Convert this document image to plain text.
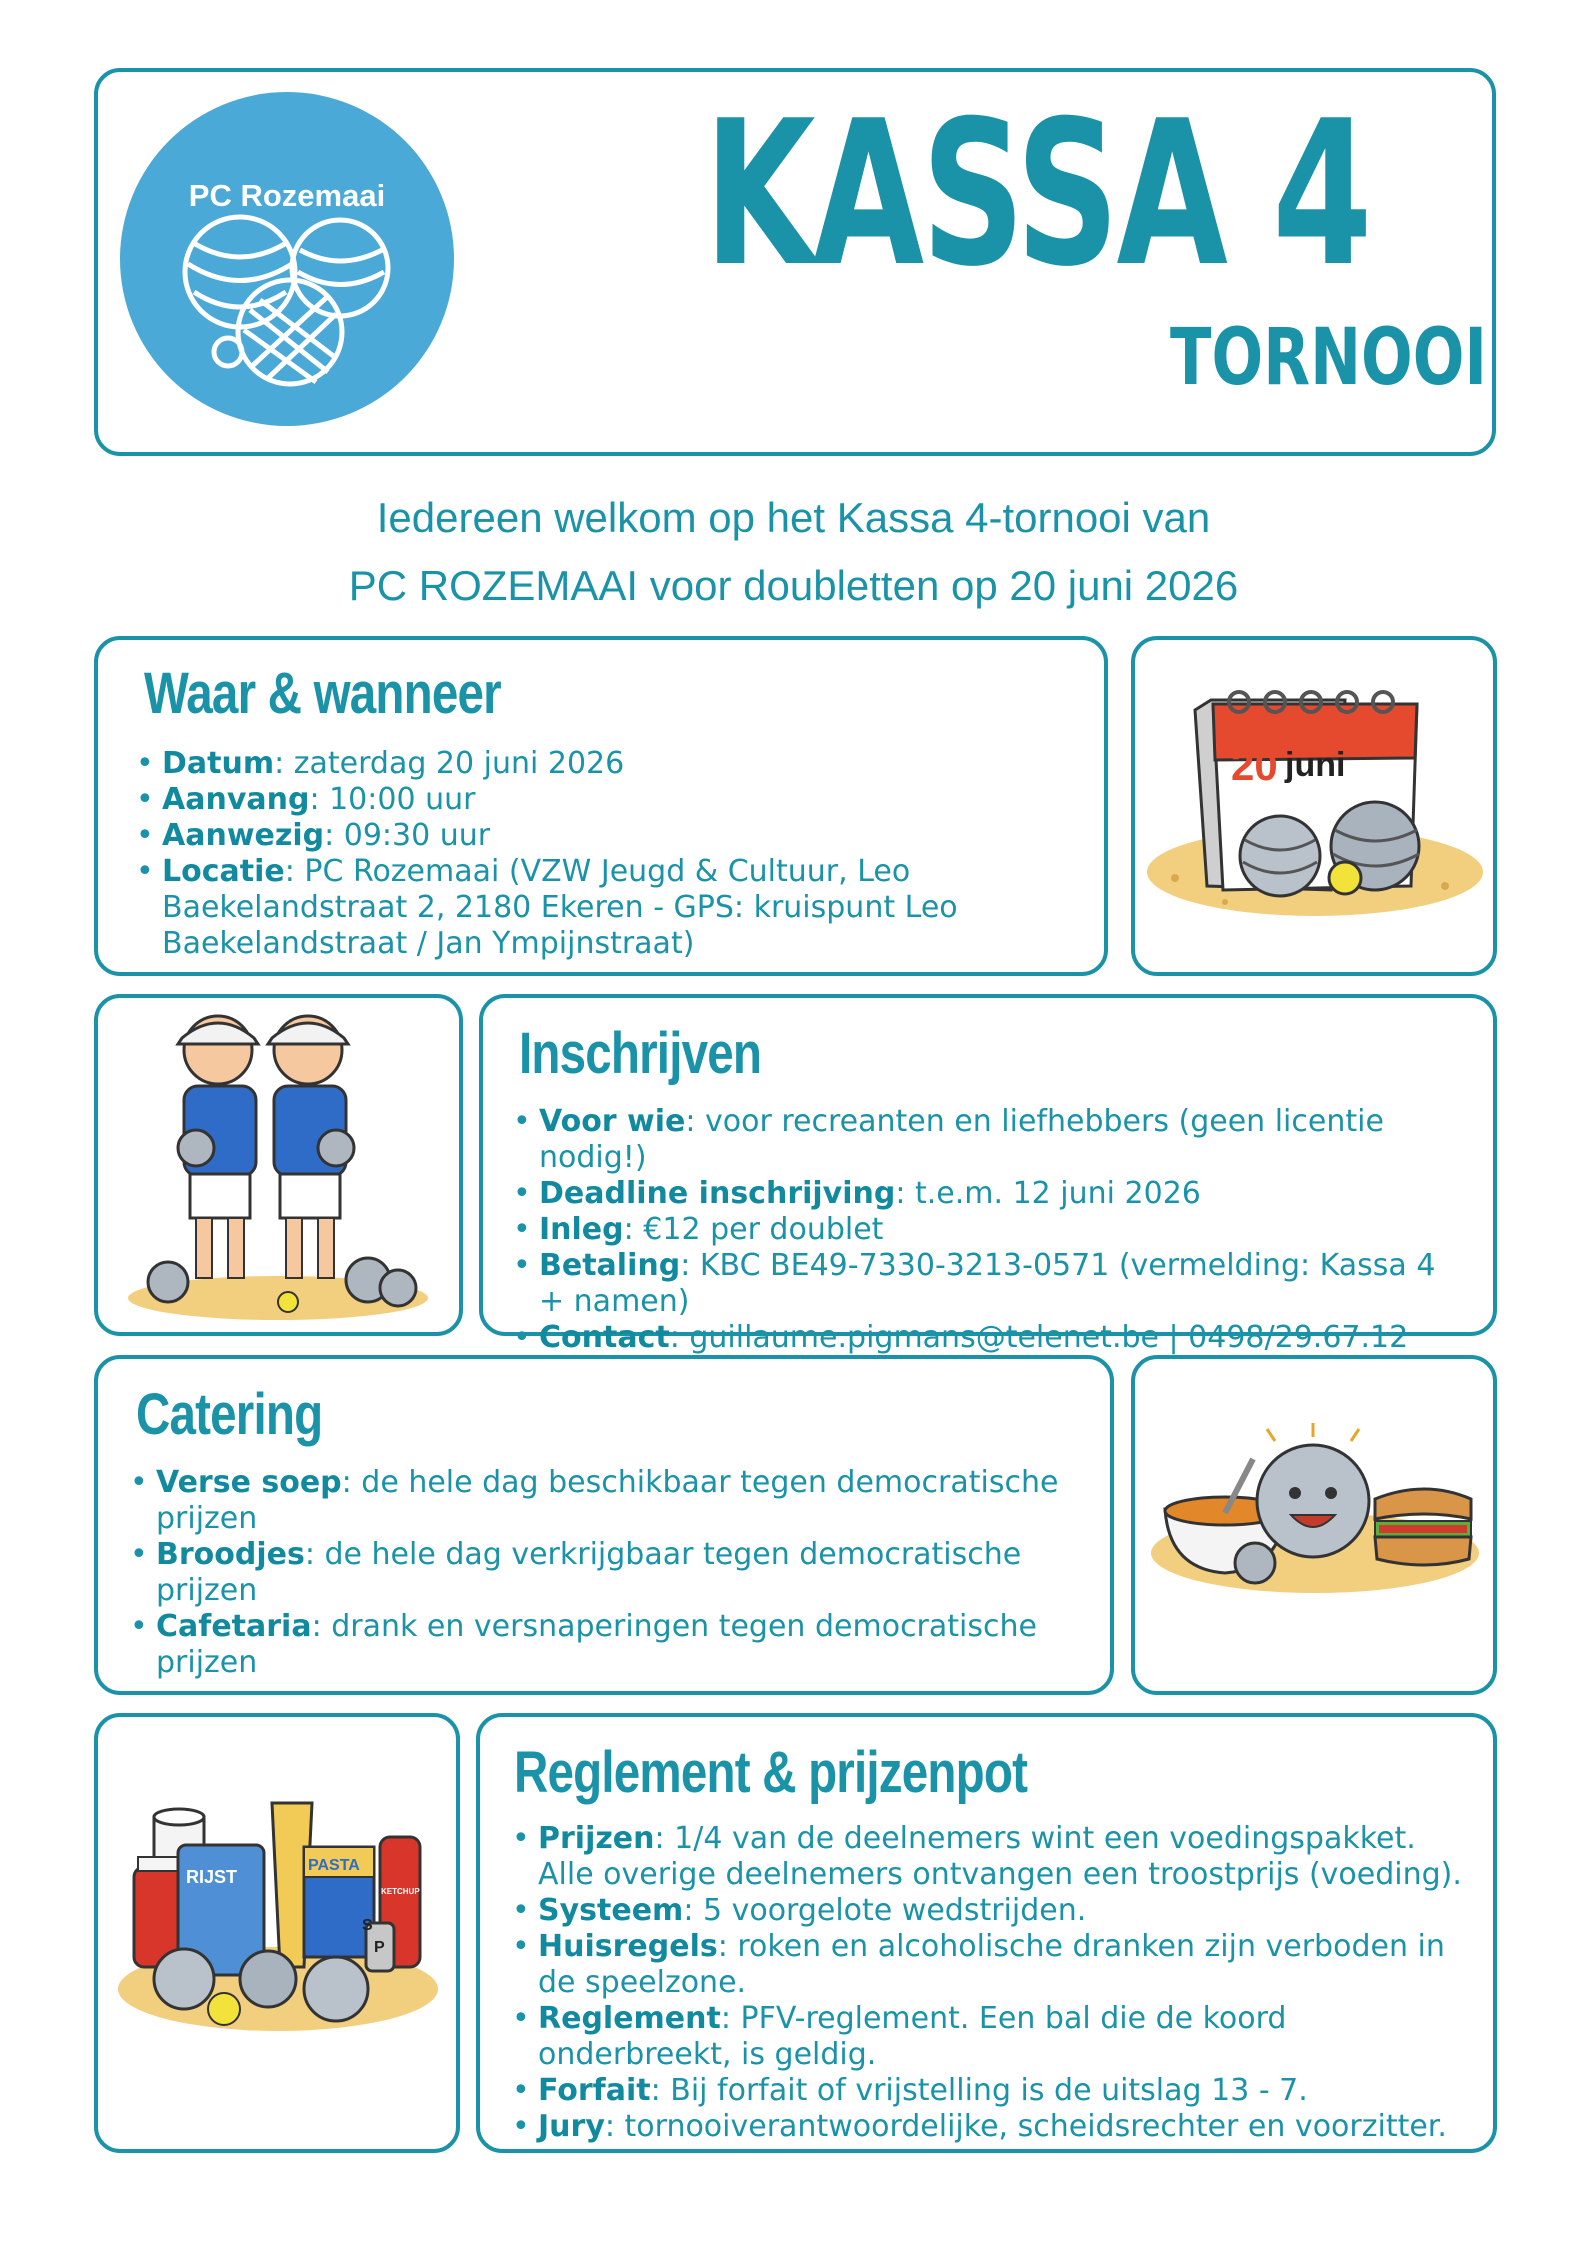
PC Rozemaai	KASSA 4
TORNOOI
Iedereen welkom op het Kassa 4-tornooi van
PC ROZEMAAI voor doubletten op 20 juni 2026
Waar & wanneer
• Datum: zaterdag 20 juni 2026
• Aanvang: 10:00 uur
• Aanwezig: 09:30 uur
• Locatie: PC Rozemaai (VZW Jeugd & Cultuur, Leo Baekelandstraat 2, 2180 Ekeren - GPS: kruispunt Leo Baekelandstraat / Jan Ympijnstraat)
20 juni
Inschrijven
• Voor wie: voor recreanten en liefhebbers (geen licentie nodig!)
• Deadline inschrijving: t.e.m. 12 juni 2026
• Inleg: €12 per doublet
• Betaling: KBC BE49-7330-3213-0571 (vermelding: Kassa 4 + namen)
• Contact: guillaume.pigmans@telenet.be | 0498/29.67.12
Catering
• Verse soep: de hele dag beschikbaar tegen democratische prijzen
• Broodjes: de hele dag verkrijgbaar tegen democratische prijzen
• Cafetaria: drank en versnaperingen tegen democratische prijzen
RIJST
PASTA
KETCHUP
S
P
Reglement & prijzenpot
• Prijzen: 1/4 van de deelnemers wint een voedingspakket. Alle overige deelnemers ontvangen een troostprijs (voeding).
• Systeem: 5 voorgelote wedstrijden.
• Huisregels: roken en alcoholische dranken zijn verboden in de speelzone.
• Reglement: PFV-reglement. Een bal die de koord onderbreekt, is geldig.
• Forfait: Bij forfait of vrijstelling is de uitslag 13 - 7.
• Jury: tornooiverantwoordelijke, scheidsrechter en voorzitter.
